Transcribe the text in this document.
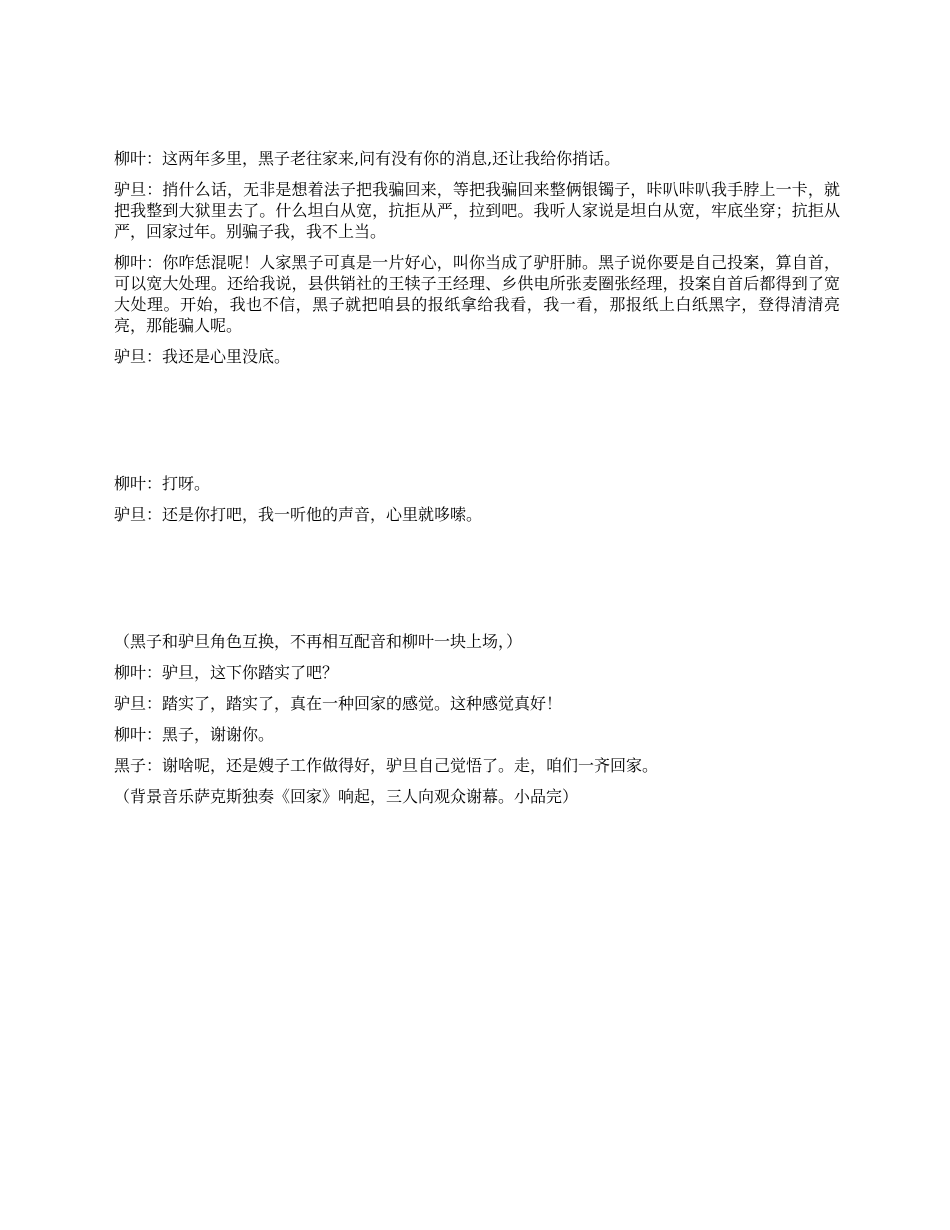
柳叶：这两年多里，黑子老往家来,问有没有你的消息,还让我给你捎话。

驴旦：捎什么话，无非是想着法子把我骗回来，等把我骗回来整俩银镯子，咔叭咔叭我手脖上一卡，就把我整到大狱里去了。什么坦白从宽，抗拒从严，拉到吧。我听人家说是坦白从宽，牢底坐穿；抗拒从严，回家过年。别骗子我，我不上当。

柳叶：你咋恁混呢！人家黑子可真是一片好心，叫你当成了驴肝肺。黑子说你要是自己投案，算自首，可以宽大处理。还给我说，县供销社的王犊子王经理、乡供电所张麦圈张经理，投案自首后都得到了宽大处理。开始，我也不信，黑子就把咱县的报纸拿给我看，我一看，那报纸上白纸黑字，登得清清亮亮，那能骗人呢。

驴旦：我还是心里没底。

柳叶：打呀。

驴旦：还是你打吧，我一听他的声音，心里就哆嗦。

（黑子和驴旦角色互换，不再相互配音和柳叶一块上场，）

柳叶：驴旦，这下你踏实了吧？

驴旦：踏实了，踏实了，真在一种回家的感觉。这种感觉真好！

柳叶：黑子，谢谢你。

黑子：谢啥呢，还是嫂子工作做得好，驴旦自己觉悟了。走，咱们一齐回家。

（背景音乐萨克斯独奏《回家》响起，三人向观众谢幕。小品完）
